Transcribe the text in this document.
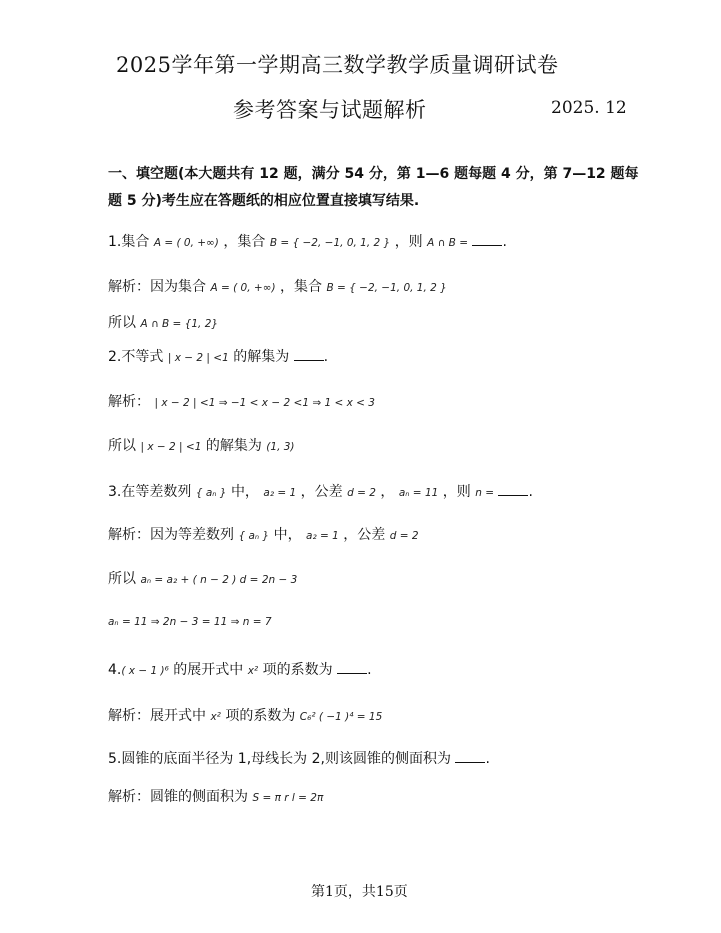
2025学年第一学期高三数学教学质量调研试卷
参考答案与试题解析	2025. 12
一、填空题(本大题共有 12 题，满分 54 分，第 1—6 题每题 4 分，第 7—12 题每
题 5 分)考生应在答题纸的相应位置直接填写结果.
1.集合 A = ( 0, +∞) ，集合 B = { −2, −1, 0, 1, 2 } ，则 A ∩ B = .
解析：因为集合 A = ( 0, +∞) ，集合 B = { −2, −1, 0, 1, 2 }
所以 A ∩ B = {1, 2}
2.不等式 | x − 2 | <1 的解集为 .
解析： | x − 2 | <1 ⇒ −1 < x − 2 <1 ⇒ 1 < x < 3
所以 | x − 2 | <1 的解集为 (1, 3)
3.在等差数列 { aₙ } 中， a₂ = 1 ，公差 d = 2 ， aₙ = 11 ，则 n = .
解析：因为等差数列 { aₙ } 中， a₂ = 1 ，公差 d = 2
所以 aₙ = a₂ + ( n − 2 ) d = 2n − 3
aₙ = 11 ⇒ 2n − 3 = 11 ⇒ n = 7
4.( x − 1 )⁶ 的展开式中 x² 项的系数为 .
解析：展开式中 x² 项的系数为 C₆² ( −1 )⁴ = 15
5.圆锥的底面半径为 1,母线长为 2,则该圆锥的侧面积为 .
解析：圆锥的侧面积为 S = π r l = 2π
第1页，共15页
